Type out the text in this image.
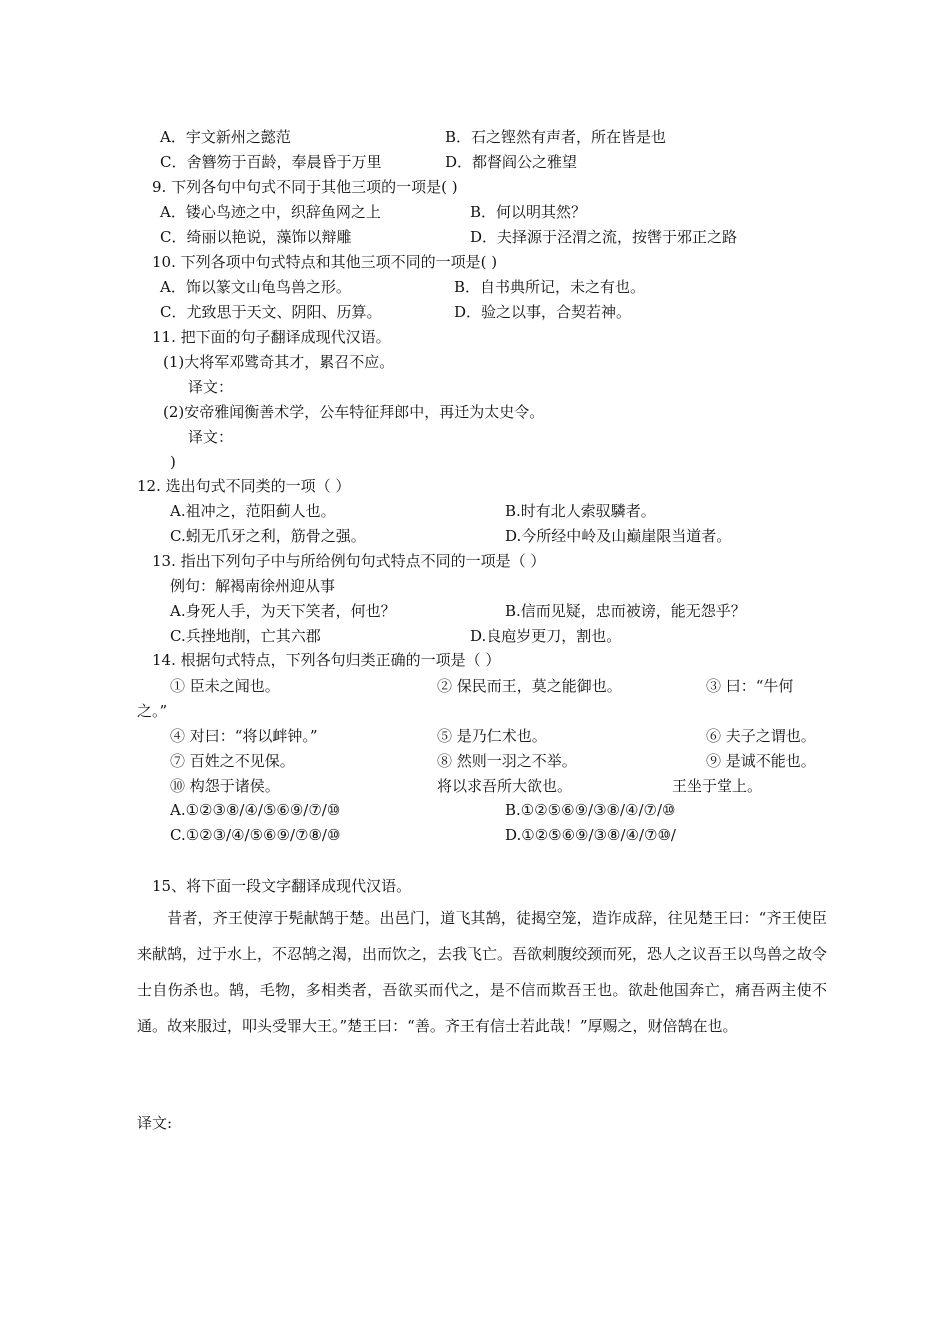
A．宇文新州之懿范	B．石之铿然有声者，所在皆是也
C．舍簪笏于百龄，奉晨昏于万里	D．都督阎公之雅望
9. 下列各句中句式不同于其他三项的一项是( )
A．镂心鸟迹之中，织辞鱼网之上	B．何以明其然？
C．绮丽以艳说，藻饰以辩雕	D．夫择源于泾渭之流，按辔于邪正之路
10. 下列各项中句式特点和其他三项不同的一项是( )
A．饰以篆文山龟鸟兽之形。	B．自书典所记，未之有也。
C．尤致思于天文、阴阳、历算。	D．验之以事，合契若神。
11. 把下面的句子翻译成现代汉语。
(1)大将军邓骘奇其才，累召不应。
译文：
(2)安帝雅闻衡善术学，公车特征拜郎中，再迁为太史令。
译文：
)
12. 选出句式不同类的一项（ ）
A.祖冲之，范阳蓟人也。	B.时有北人索驭驎者。
C.蚓无爪牙之利，筋骨之强。	D.今所经中岭及山巅崖限当道者。
13. 指出下列句子中与所给例句句式特点不同的一项是（ ）
例句：解褐南徐州迎从事
A.身死人手，为天下笑者，何也？	B.信而见疑，忠而被谤，能无怨乎？
C.兵挫地削，亡其六郡	D.良庖岁更刀，割也。
14. 根据句式特点，下列各句归类正确的一项是（ ）
① 臣未之闻也。	② 保民而王，莫之能御也。	③ 曰：“牛何
之。”
④ 对曰：“将以衅钟。”	⑤ 是乃仁术也。	⑥ 夫子之谓也。
⑦ 百姓之不见保。	⑧ 然则一羽之不举。	⑨ 是诚不能也。
⑩ 构怨于诸侯。	将以求吾所大欲也。	王坐于堂上。
A.①②③⑧/④/⑤⑥⑨/⑦/⑩	B.①②⑤⑥⑨/③⑧/④/⑦/⑩
C.①②③/④/⑤⑥⑨/⑦⑧/⑩	D.①②⑤⑥⑨/③⑧/④/⑦⑩/
15、将下面一段文字翻译成现代汉语。
昔者，齐王使淳于髡献鹄于楚。出邑门，道飞其鹄，徒揭空笼，造诈成辞，往见楚王曰：“齐王使臣来献鹄，过于水上，不忍鹄之渴，出而饮之，去我飞亡。吾欲刺腹绞颈而死，恐人之议吾王以鸟兽之故令士自伤杀也。鹄，毛物，多相类者，吾欲买而代之，是不信而欺吾王也。欲赴他国奔亡，痛吾两主使不通。故来服过，叩头受罪大王。”楚王曰：“善。齐王有信士若此哉！”厚赐之，财倍鹄在也。
译文:
